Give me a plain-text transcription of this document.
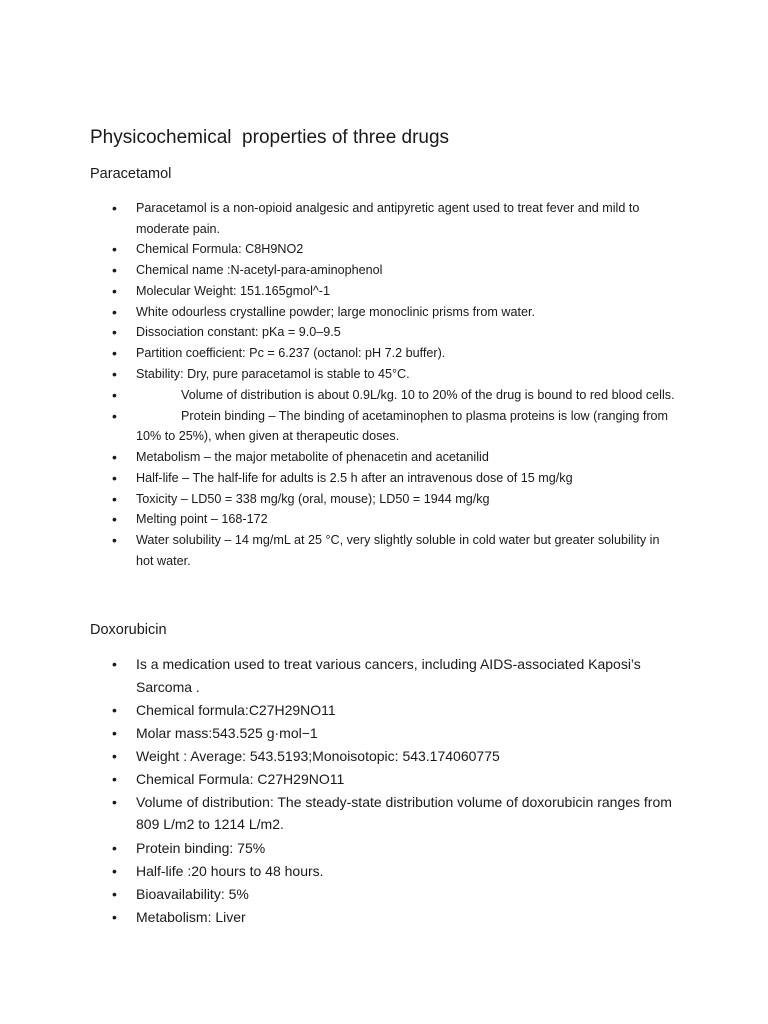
Physicochemical  properties of three drugs
Paracetamol
• Paracetamol is a non-opioid analgesic and antipyretic agent used to treat fever and mild to moderate pain.
• Chemical Formula: C8H9NO2
• Chemical name :N-acetyl-para-aminophenol
• Molecular Weight: 151.165gmol^-1
• White odourless crystalline powder; large monoclinic prisms from water.
• Dissociation constant: pKa = 9.0–9.5
• Partition coefficient: Pc = 6.237 (octanol: pH 7.2 buffer).
• Stability: Dry, pure paracetamol is stable to 45°C.
•	Volume of distribution is about 0.9L/kg. 10 to 20% of the drug is bound to red blood cells.
•	Protein binding – The binding of acetaminophen to plasma proteins is low (ranging from 10% to 25%), when given at therapeutic doses.
• Metabolism – the major metabolite of phenacetin and acetanilid
• Half-life – The half-life for adults is 2.5 h after an intravenous dose of 15 mg/kg
• Toxicity – LD50 = 338 mg/kg (oral, mouse); LD50 = 1944 mg/kg
• Melting point – 168-172
• Water solubility – 14 mg/mL at 25 °C, very slightly soluble in cold water but greater solubility in hot water.
Doxorubicin
• Is a medication used to treat various cancers, including AIDS-associated Kaposi’s Sarcoma .
• Chemical formula:C27H29NO11
• Molar mass:543.525 g·mol−1
• Weight : Average: 543.5193;Monoisotopic: 543.174060775
• Chemical Formula: C27H29NO11
• Volume of distribution: The steady-state distribution volume of doxorubicin ranges from 809 L/m2 to 1214 L/m2.
• Protein binding: 75%
• Half-life :20 hours to 48 hours.
• Bioavailability: 5%
• Metabolism: Liver
